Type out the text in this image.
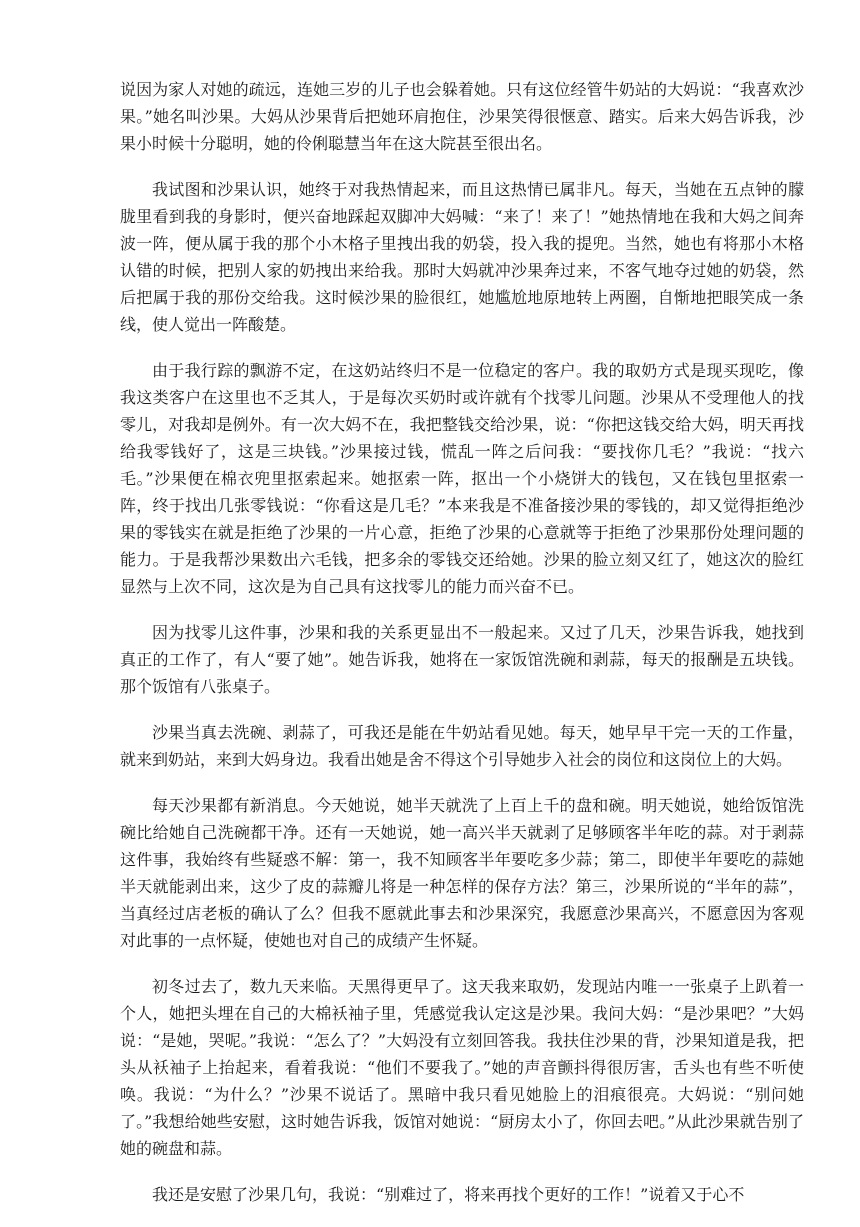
说因为家人对她的疏远，连她三岁的儿子也会躲着她。只有这位经管牛奶站的大妈说：“我喜欢沙果。”她名叫沙果。大妈从沙果背后把她环肩抱住，沙果笑得很惬意、踏实。后来大妈告诉我，沙果小时候十分聪明，她的伶俐聪慧当年在这大院甚至很出名。

我试图和沙果认识，她终于对我热情起来，而且这热情已属非凡。每天，当她在五点钟的朦胧里看到我的身影时，便兴奋地踩起双脚冲大妈喊：“来了！来了！”她热情地在我和大妈之间奔波一阵，便从属于我的那个小木格子里拽出我的奶袋，投入我的提兜。当然，她也有将那小木格认错的时候，把别人家的奶拽出来给我。那时大妈就冲沙果奔过来，不客气地夺过她的奶袋，然后把属于我的那份交给我。这时候沙果的脸很红，她尴尬地原地转上两圈，自惭地把眼笑成一条线，使人觉出一阵酸楚。

由于我行踪的飘游不定，在这奶站终归不是一位稳定的客户。我的取奶方式是现买现吃，像我这类客户在这里也不乏其人，于是每次买奶时或许就有个找零儿问题。沙果从不受理他人的找零儿，对我却是例外。有一次大妈不在，我把整钱交给沙果，说：“你把这钱交给大妈，明天再找给我零钱好了，这是三块钱。”沙果接过钱，慌乱一阵之后问我：“要找你几毛？”我说：“找六毛。”沙果便在棉衣兜里抠索起来。她抠索一阵，抠出一个小烧饼大的钱包，又在钱包里抠索一阵，终于找出几张零钱说：“你看这是几毛？”本来我是不准备接沙果的零钱的，却又觉得拒绝沙果的零钱实在就是拒绝了沙果的一片心意，拒绝了沙果的心意就等于拒绝了沙果那份处理问题的能力。于是我帮沙果数出六毛钱，把多余的零钱交还给她。沙果的脸立刻又红了，她这次的脸红显然与上次不同，这次是为自己具有这找零儿的能力而兴奋不已。

因为找零儿这件事，沙果和我的关系更显出不一般起来。又过了几天，沙果告诉我，她找到真正的工作了，有人“要了她”。她告诉我，她将在一家饭馆洗碗和剥蒜，每天的报酬是五块钱。那个饭馆有八张桌子。

沙果当真去洗碗、剥蒜了，可我还是能在牛奶站看见她。每天，她早早干完一天的工作量，就来到奶站，来到大妈身边。我看出她是舍不得这个引导她步入社会的岗位和这岗位上的大妈。

每天沙果都有新消息。今天她说，她半天就洗了上百上千的盘和碗。明天她说，她给饭馆洗碗比给她自己洗碗都干净。还有一天她说，她一高兴半天就剥了足够顾客半年吃的蒜。对于剥蒜这件事，我始终有些疑惑不解：第一，我不知顾客半年要吃多少蒜；第二，即使半年要吃的蒜她半天就能剥出来，这少了皮的蒜瓣儿将是一种怎样的保存方法？第三，沙果所说的“半年的蒜”，当真经过店老板的确认了么？但我不愿就此事去和沙果深究，我愿意沙果高兴，不愿意因为客观对此事的一点怀疑，使她也对自己的成绩产生怀疑。

初冬过去了，数九天来临。天黑得更早了。这天我来取奶，发现站内唯一一张桌子上趴着一个人，她把头埋在自己的大棉袄袖子里，凭感觉我认定这是沙果。我问大妈：“是沙果吧？”大妈说：“是她，哭呢。”我说：“怎么了？”大妈没有立刻回答我。我扶住沙果的背，沙果知道是我，把头从袄袖子上抬起来，看着我说：“他们不要我了。”她的声音颤抖得很厉害，舌头也有些不听使唤。我说：“为什么？”沙果不说话了。黑暗中我只看见她脸上的泪痕很亮。大妈说：“别问她了。”我想给她些安慰，这时她告诉我，饭馆对她说：“厨房太小了，你回去吧。”从此沙果就告别了她的碗盘和蒜。

我还是安慰了沙果几句，我说：“别难过了，将来再找个更好的工作！”说着又于心不
